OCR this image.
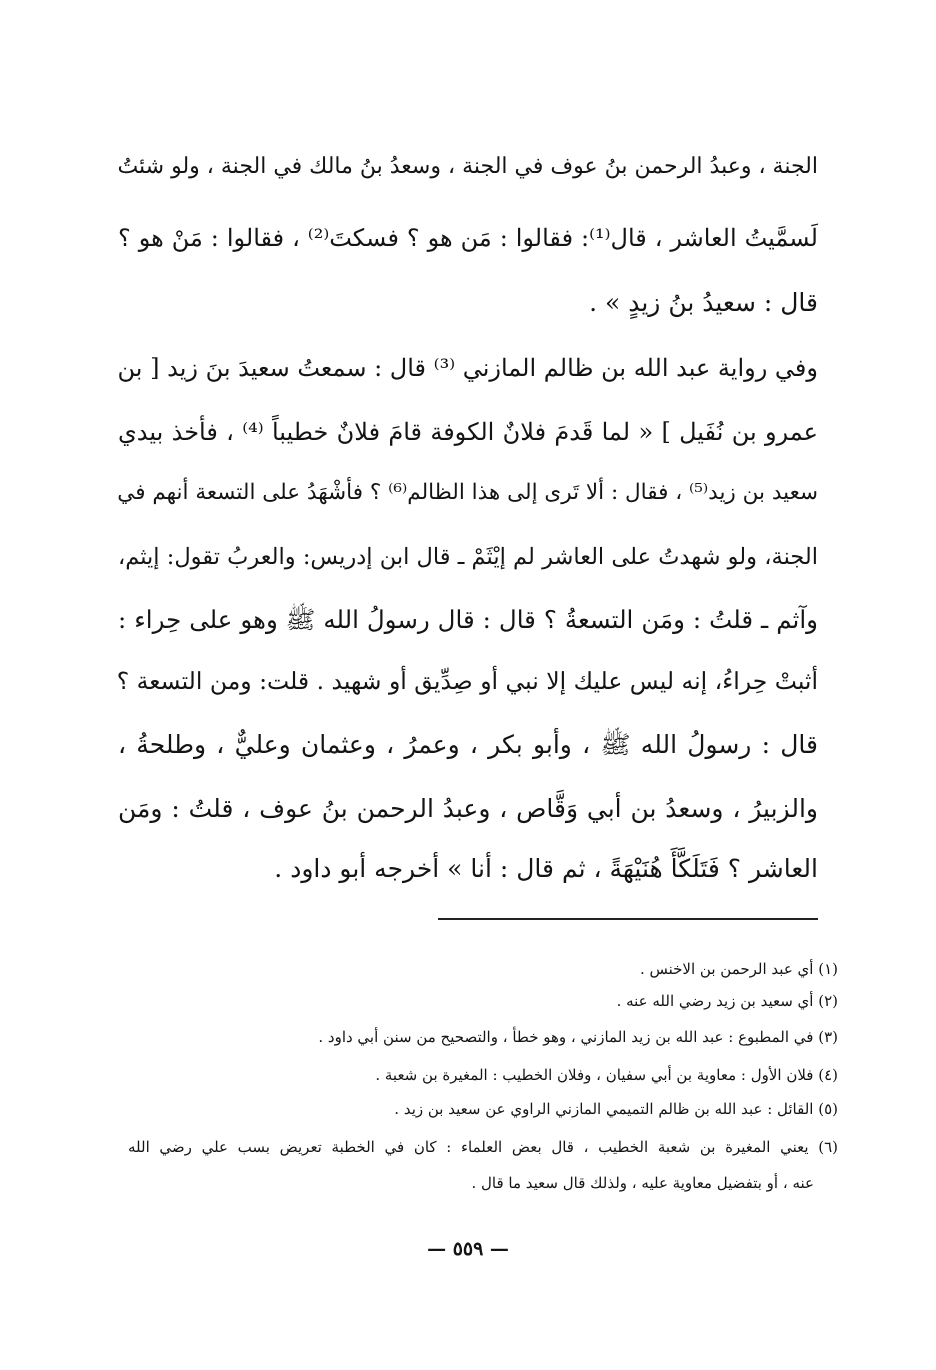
الجنة ، وعبدُ الرحمن بنُ عوف في الجنة ، وسعدُ بنُ مالك في الجنة ، ولو شئتُ
لَسمَّيتُ العاشر ، قال⁽¹⁾: فقالوا : مَن هو ؟ فسكتَ⁽²⁾ ، فقالوا : مَنْ هو ؟
قال : سعيدُ بنُ زيدٍ » .
وفي رواية عبد الله بن ظالم المازني ⁽³⁾ قال : سمعتُ سعيدَ بنَ زيد [ بن
عمرو بن نُفَيل ] « لما قَدمَ فلانٌ الكوفة قامَ فلانٌ خطيباً ⁽⁴⁾ ، فأخذ بيدي
سعيد بن زيد⁽⁵⁾ ، فقال : ألا تَرى إلى هذا الظالم⁽⁶⁾ ؟ فأشْهَدُ على التسعة أنهم في
الجنة، ولو شهدتُ على العاشر لم إيْثَمْ ـ قال ابن إدريس: والعربُ تقول: إيثم،
وآثم ـ قلتُ : ومَن التسعةُ ؟ قال : قال رسولُ الله ﷺ وهو على حِراء :
أثبتْ حِراءُ، إنه ليس عليك إلا نبي أو صِدِّيق أو شهيد . قلت: ومن التسعة ؟
قال : رسولُ الله ﷺ ، وأبو بكر ، وعمرُ ، وعثمان وعليٌّ ، وطلحةُ ،
والزبيرُ ، وسعدُ بن أبي وَقَّاص ، وعبدُ الرحمن بنُ عوف ، قلتُ : ومَن
العاشر ؟ فَتَلَكَّأَ هُنَيْهَةً ، ثم قال : أنا » أخرجه أبو داود .
(١) أي عبد الرحمن بن الاخنس .
(٢) أي سعيد بن زيد رضي الله عنه .
(٣) في المطبوع : عبد الله بن زيد المازني ، وهو خطأ ، والتصحيح من سنن أبي داود .
(٤) فلان الأول : معاوية بن أبي سفيان ، وفلان الخطيب : المغيرة بن شعبة .
(٥) القائل : عبد الله بن ظالم التميمي المازني الراوي عن سعيد بن زيد .
(٦) يعني المغيرة بن شعبة الخطيب ، قال بعض العلماء : كان في الخطبة تعريض بسب علي رضي الله
عنه ، أو بتفضيل معاوية عليه ، ولذلك قال سعيد ما قال .
— ٥٥٩ —
